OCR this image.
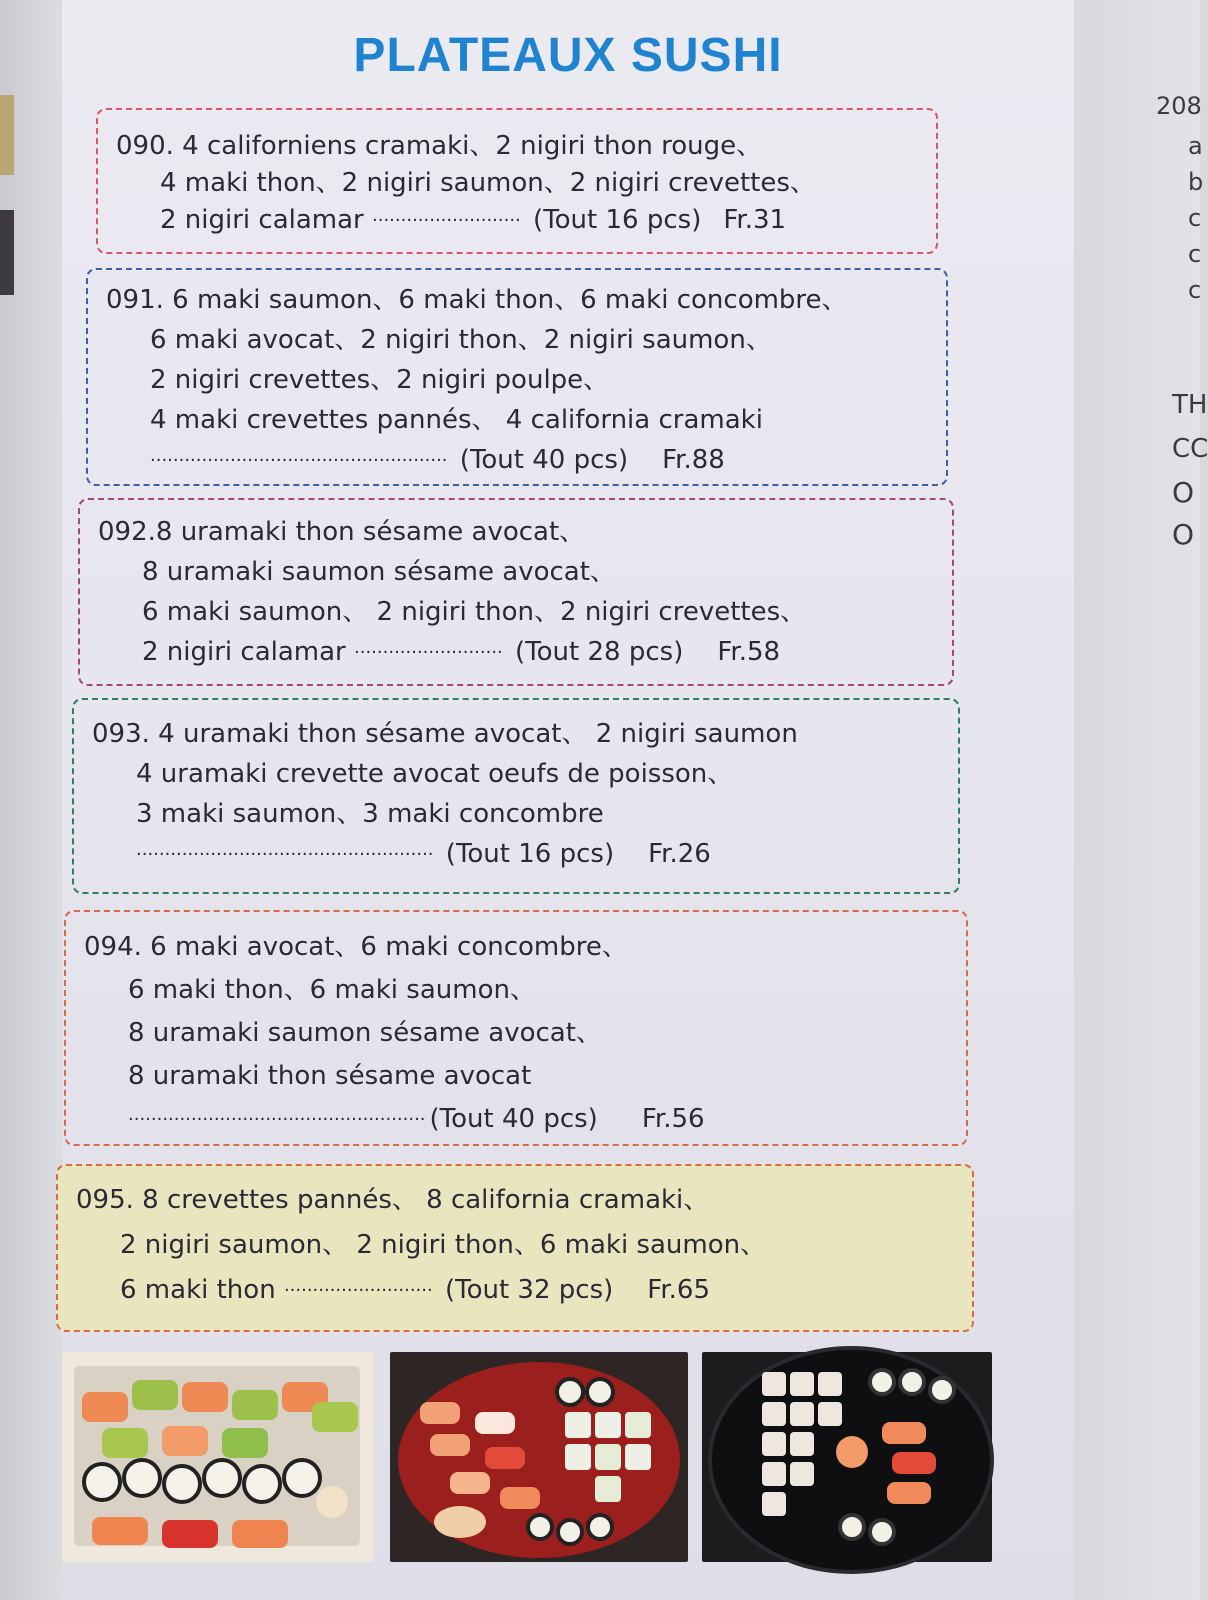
PLATEAUX SUSHI
090. 4 californiens cramaki、2 nigiri thon rouge、
4 maki thon、2 nigiri saumon、2 nigiri crevettes、
2 nigiri calamar ·························· (Tout 16 pcs) Fr.31
091. 6 maki saumon、6 maki thon、6 maki concombre、
6 maki avocat、2 nigiri thon、2 nigiri saumon、
2 nigiri crevettes、2 nigiri poulpe、
4 maki crevettes pannés、 4 california cramaki
···················································· (Tout 40 pcs) Fr.88
092.8 uramaki thon sésame avocat、
8 uramaki saumon sésame avocat、
6 maki saumon、 2 nigiri thon、2 nigiri crevettes、
2 nigiri calamar ·························· (Tout 28 pcs) Fr.58
093. 4 uramaki thon sésame avocat、 2 nigiri saumon
4 uramaki crevette avocat oeufs de poisson、
3 maki saumon、3 maki concombre
···················································· (Tout 16 pcs) Fr.26
094. 6 maki avocat、6 maki concombre、
6 maki thon、6 maki saumon、
8 uramaki saumon sésame avocat、
8 uramaki thon sésame avocat
···················································· (Tout 40 pcs) Fr.56
095. 8 crevettes pannés、 8 california cramaki、
2 nigiri saumon、 2 nigiri thon、6 maki saumon、
6 maki thon ·························· (Tout 32 pcs) Fr.65
208
a
b
c
c
c
TH
CC
O
O
